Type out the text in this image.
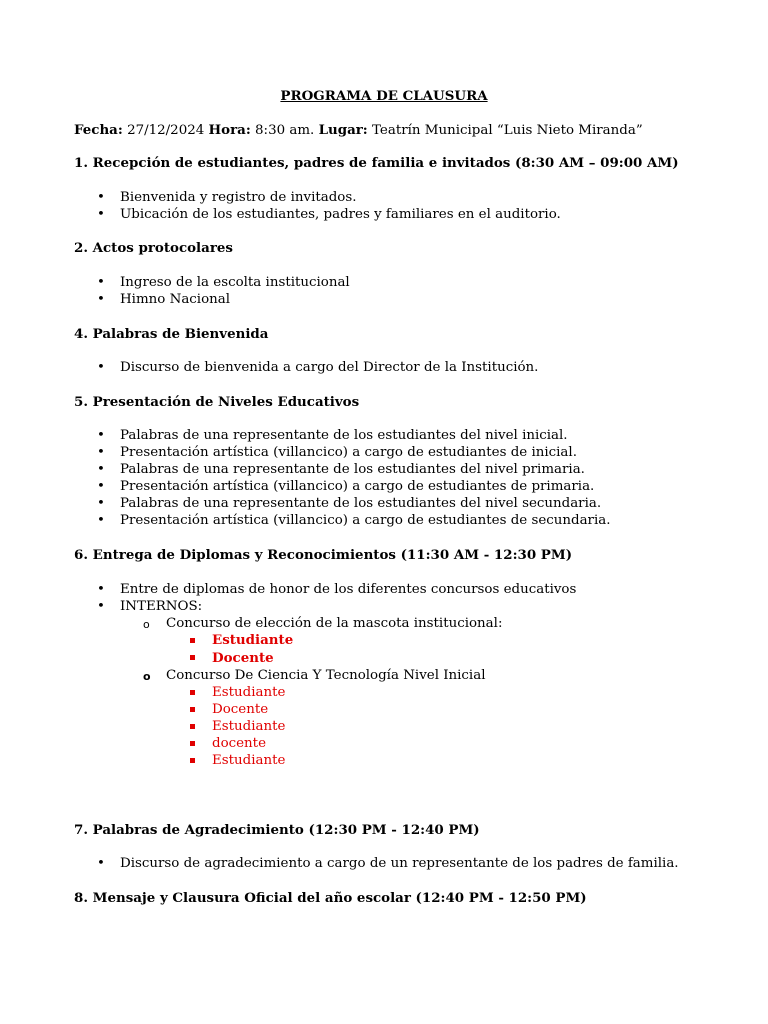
PROGRAMA DE CLAUSURA
Fecha: 27/12/2024 Hora: 8:30 am. Lugar: Teatrín Municipal “Luis Nieto Miranda”
1. Recepción de estudiantes, padres de familia e invitados (8:30 AM – 09:00 AM)
• Bienvenida y registro de invitados.
• Ubicación de los estudiantes, padres y familiares en el auditorio.
2. Actos protocolares
• Ingreso de la escolta institucional
• Himno Nacional
4. Palabras de Bienvenida
• Discurso de bienvenida a cargo del Director de la Institución.
5. Presentación de Niveles Educativos
• Palabras de una representante de los estudiantes del nivel inicial.
• Presentación artística (villancico) a cargo de estudiantes de inicial.
• Palabras de una representante de los estudiantes del nivel primaria.
• Presentación artística (villancico) a cargo de estudiantes de primaria.
• Palabras de una representante de los estudiantes del nivel secundaria.
• Presentación artística (villancico) a cargo de estudiantes de secundaria.
6. Entrega de Diplomas y Reconocimientos (11:30 AM - 12:30 PM)
• Entre de diplomas de honor de los diferentes concursos educativos
• INTERNOS:
o Concurso de elección de la mascota institucional:
Estudiante
Docente
o Concurso De Ciencia Y Tecnología Nivel Inicial
Estudiante
Docente
Estudiante
docente
Estudiante
7. Palabras de Agradecimiento (12:30 PM - 12:40 PM)
• Discurso de agradecimiento a cargo de un representante de los padres de familia.
8. Mensaje y Clausura Oficial del año escolar (12:40 PM - 12:50 PM)
